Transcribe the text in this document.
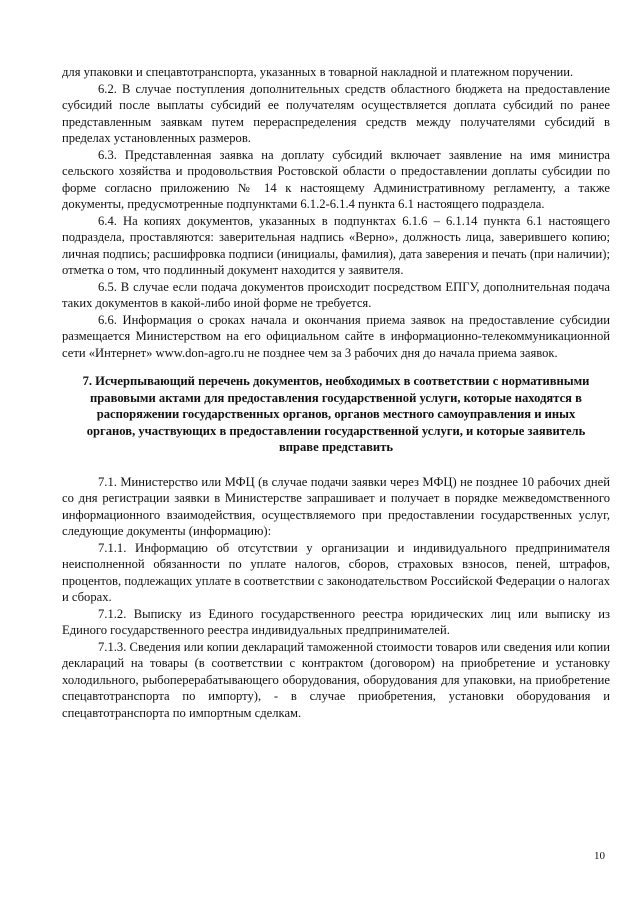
для упаковки и спецавтотранспорта, указанных в товарной накладной и платежном поручении.

6.2. В случае поступления дополнительных средств областного бюджета на предоставление субсидий после выплаты субсидий ее получателям осуществляется доплата субсидий по ранее представленным заявкам путем перераспределения средств между получателями субсидий в пределах установленных размеров.

6.3. Представленная заявка на доплату субсидий включает заявление на имя министра сельского хозяйства и продовольствия Ростовской области о предоставлении доплаты субсидии по форме согласно приложению № 14 к настоящему Административному регламенту, а также документы, предусмотренные подпунктами 6.1.2-6.1.4 пункта 6.1 настоящего подраздела.

6.4. На копиях документов, указанных в подпунктах 6.1.6 – 6.1.14 пункта 6.1 настоящего подраздела, проставляются: заверительная надпись «Верно», должность лица, заверившего копию; личная подпись; расшифровка подписи (инициалы, фамилия), дата заверения и печать (при наличии); отметка о том, что подлинный документ находится у заявителя.

6.5. В случае если подача документов происходит посредством ЕПГУ, дополнительная подача таких документов в какой-либо иной форме не требуется.

6.6. Информация о сроках начала и окончания приема заявок на предоставление субсидии размещается Министерством на его официальном сайте в информационно-телекоммуникационной сети «Интернет» www.don-agro.ru не позднее чем за 3 рабочих дня до начала приема заявок.

7. Исчерпывающий перечень документов, необходимых в соответствии с нормативными правовыми актами для предоставления государственной услуги, которые находятся в распоряжении государственных органов, органов местного самоуправления и иных органов, участвующих в предоставлении государственной услуги, и которые заявитель вправе представить

7.1. Министерство или МФЦ (в случае подачи заявки через МФЦ) не позднее 10 рабочих дней со дня регистрации заявки в Министерстве запрашивает и получает в порядке межведомственного информационного взаимодействия, осуществляемого при предоставлении государственных услуг, следующие документы (информацию):

7.1.1. Информацию об отсутствии у организации и индивидуального предпринимателя неисполненной обязанности по уплате налогов, сборов, страховых взносов, пеней, штрафов, процентов, подлежащих уплате в соответствии с законодательством Российской Федерации о налогах и сборах.

7.1.2. Выписку из Единого государственного реестра юридических лиц или выписку из Единого государственного реестра индивидуальных предпринимателей.

7.1.3. Сведения или копии деклараций таможенной стоимости товаров или сведения или копии деклараций на товары (в соответствии с контрактом (договором) на приобретение и установку холодильного, рыбоперерабатывающего оборудования, оборудования для упаковки, на приобретение спецавтотранспорта по импорту), - в случае приобретения, установки оборудования и спецавтотранспорта по импортным сделкам.

10
